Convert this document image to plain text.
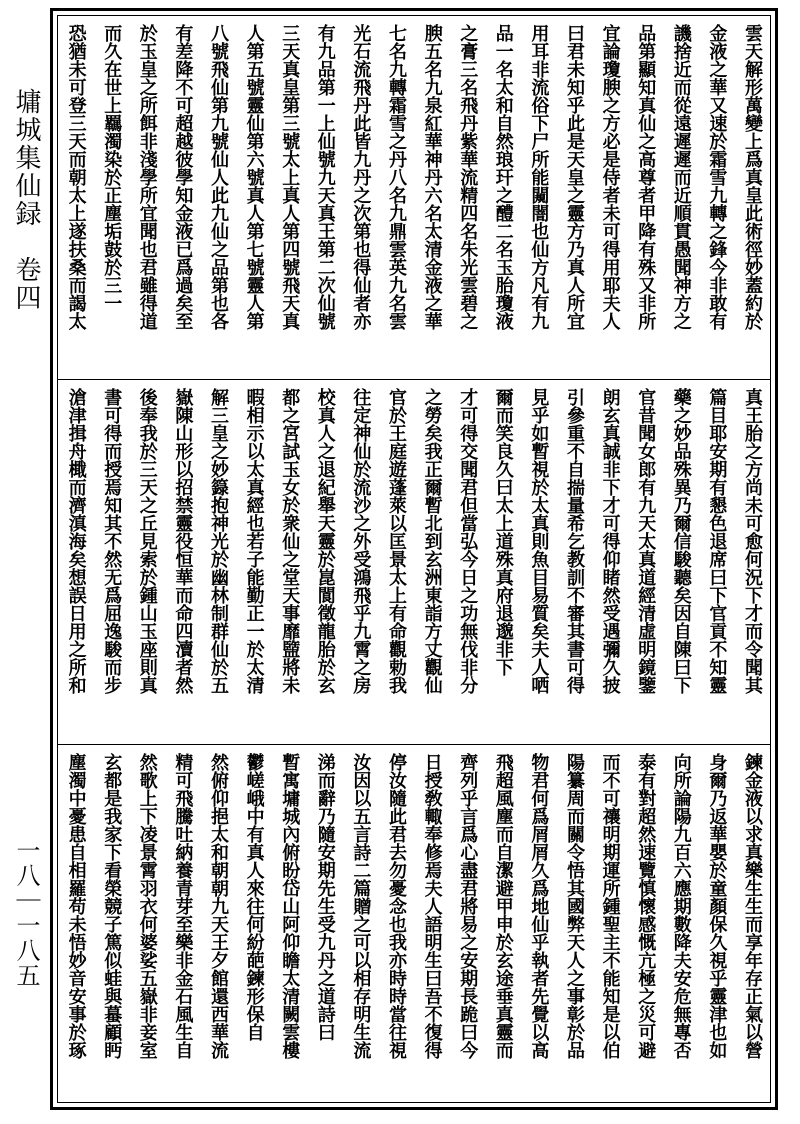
墉城集仙録　卷四
一八｜一八五
雲天解形萬變上爲真皇此術徑妙蓋約於
金液之華又速於霜雪九轉之鋒今非敢有
譏捨近而從遠遲遲而近順貫愚聞神方之
品第顯知真仙之高尊者甲降有殊又非所
宜論瓊腴之方必是侍者未可得用耶夫人
曰君未知乎此是天皇之靈方乃真人所宜
用耳非流俗下尸所能闚闇也仙方凡有九
品一名太和自然琅玕之醴二名玉胎瓊液
之膏三名飛丹紫華流精四名朱光雲碧之
腴五名九泉紅華神丹六名太清金液之華
七名九轉霜雪之丹八名九鼎雲英九名雲
光石流飛丹此皆九丹之次第也得仙者亦
有九品第一上仙號九天真王第二次仙號
三天真皇第三號太上真人第四號飛天真
人第五號靈仙第六號真人第七號靈人第
八號飛仙第九號仙人此九仙之品第也各
有差降不可超越彼學知金液已爲過矣至
於玉皇之所餌非淺學所宜聞也君雖得道
而久在世上羈濁染於正塵垢鼓於三一
恐猶未可登三天而朝太上遂扶桑而謁太
真王胎之方尚未可愈何況下才而令聞其
篇目耶安期有懇色退席曰下官貢不知靈
藥之妙品殊異乃爾信駿聽矣因自陳曰下
官昔聞女郎有九天太真道經清虛明鏡鑒
朗玄真誠非下才可得仰睹然受遇彌久披
引參重不自揣量希乞教訓不審其書可得
見乎如暫視於太真則魚目易質矣夫人哂
爾而笑良久曰太上道殊真府退邈非下
才可得交聞君但當弘今日之功無伐非分
之勞矣我正爾暫北到玄洲東詣方丈觀仙
官於王庭遊蓬萊以匡景太上有命觀勅我
往定神仙於流沙之外受鴻飛乎九霄之房
校真人之退紀舉天靈於崑閬徵龍胎於玄
都之宮試玉女於衆仙之堂天事靡盬將未
暇相示以太真經也若子能勤正一於太清
解三皇之妙籙抱神光於幽林制群仙於五
嶽陳山形以招禁靈役恒華而命四瀆者然
後奉我於三天之丘見索於鍾山玉座則真
書可得而授焉知其不然无爲屈逸駿而步
滄津揖舟檝而濟滇海矣想誤日用之所和
鍊金液以求真樂生生而享年存正氣以營
身爾乃返華嬰於童顏保久視乎靈津也如
向所論陽九百六應期數降夫安危無專否
泰有對超然速覽慎懷感慨亢極之災可避
而不可禳明期運所鍾聖主不能知是以伯
陽纂周而關令悟其國弊天人之事彰於品
物君何爲屑屑久爲地仙乎執者先覺以高
飛超風塵而自潔避甲申於玄途垂真靈而
齊列乎言爲心盡君將易之安期長跪曰今
日授敎輙奉修焉夫人語明生曰吾不復得
停汝隨此君去勿憂念也我亦時時當往視
汝因以五言詩二篇贈之可以相存明生流
涕而辭乃隨安期先生受九丹之道詩曰
暫寓墉城內俯盼岱山阿仰瞻太清闕雲樓
鬱嵯峨中有真人來往何紛葩鍊形保自
然俯仰挹太和朝朝九天王夕館還西華流
精可飛騰吐納養青芽至樂非金石風生自
然歌上下凌景霄羽衣何婆娑五嶽非妾室
玄都是我家下看榮競子篤似蛙與蟇顧眄
塵濁中憂患自相羅苟未悟妙音安事於琢
